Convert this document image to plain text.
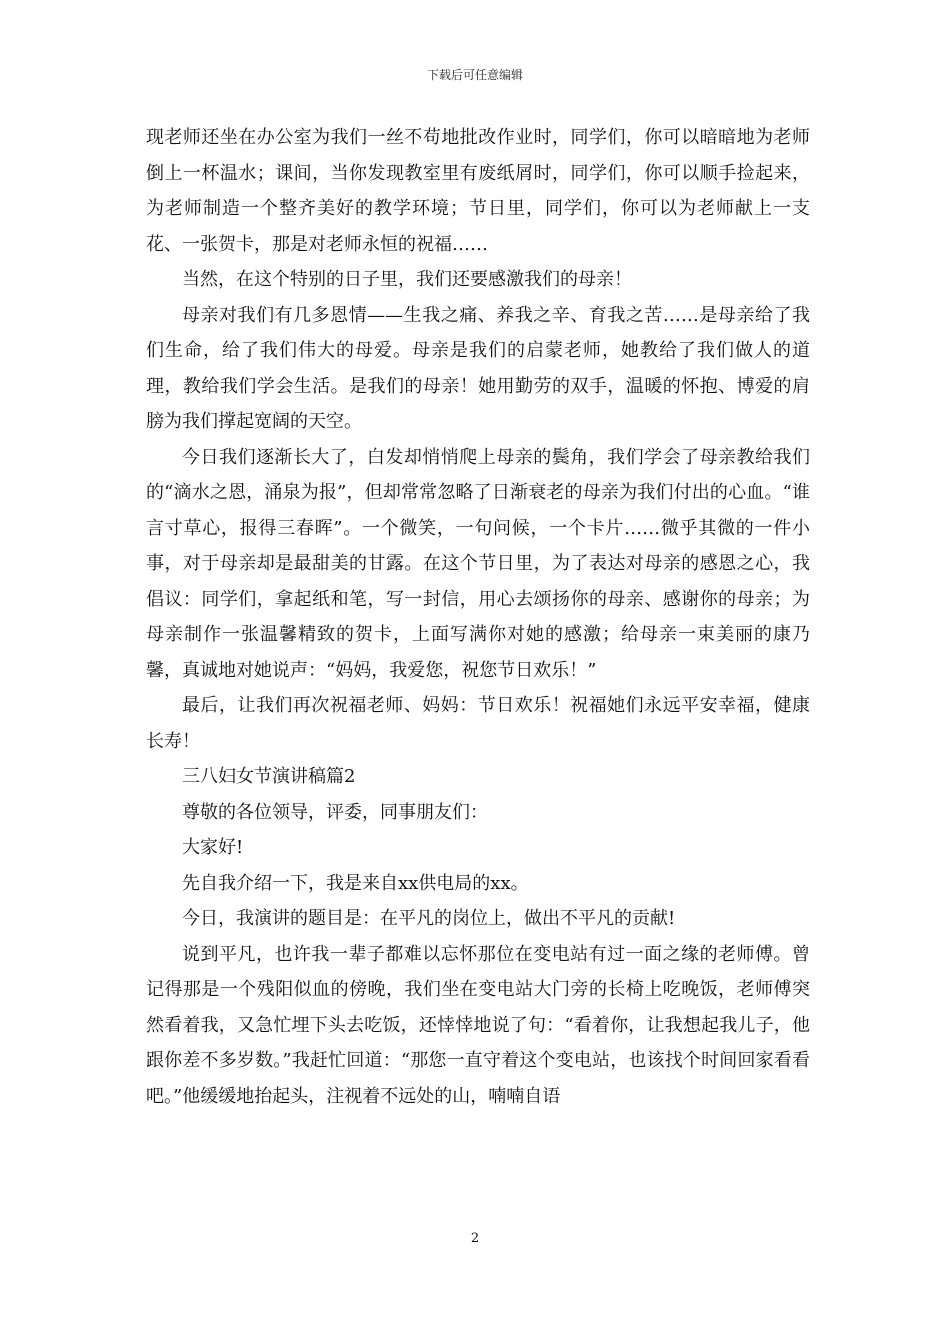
下载后可任意编辑

现老师还坐在办公室为我们一丝不苟地批改作业时，同学们，你可以暗暗地为老师倒上一杯温水；课间，当你发现教室里有废纸屑时，同学们，你可以顺手捡起来，为老师制造一个整齐美好的教学环境；节日里，同学们，你可以为老师献上一支花、一张贺卡，那是对老师永恒的祝福……

当然，在这个特别的日子里，我们还要感激我们的母亲！

母亲对我们有几多恩情——生我之痛、养我之辛、育我之苦……是母亲给了我们生命，给了我们伟大的母爱。母亲是我们的启蒙老师，她教给了我们做人的道理，教给我们学会生活。是我们的母亲！她用勤劳的双手，温暖的怀抱、博爱的肩膀为我们撑起宽阔的天空。

今日我们逐渐长大了，白发却悄悄爬上母亲的鬓角，我们学会了母亲教给我们的“滴水之恩，涌泉为报”，但却常常忽略了日渐衰老的母亲为我们付出的心血。“谁言寸草心，报得三春晖”。一个微笑，一句问候，一个卡片……微乎其微的一件小事，对于母亲却是最甜美的甘露。在这个节日里，为了表达对母亲的感恩之心，我倡议：同学们，拿起纸和笔，写一封信，用心去颂扬你的母亲、感谢你的母亲；为母亲制作一张温馨精致的贺卡，上面写满你对她的感激；给母亲一束美丽的康乃馨，真诚地对她说声：“妈妈，我爱您，祝您节日欢乐！”

最后，让我们再次祝福老师、妈妈：节日欢乐！祝福她们永远平安幸福，健康长寿！

三八妇女节演讲稿篇2

尊敬的各位领导，评委，同事朋友们：

大家好!

先自我介绍一下，我是来自xx供电局的xx。

今日，我演讲的题目是：在平凡的岗位上，做出不平凡的贡献!

说到平凡，也许我一辈子都难以忘怀那位在变电站有过一面之缘的老师傅。曾记得那是一个残阳似血的傍晚，我们坐在变电站大门旁的长椅上吃晚饭，老师傅突然看着我，又急忙埋下头去吃饭，还悻悻地说了句：“看着你，让我想起我儿子，他跟你差不多岁数。”我赶忙回道：“那您一直守着这个变电站，也该找个时间回家看看吧。”他缓缓地抬起头，注视着不远处的山，喃喃自语

2
